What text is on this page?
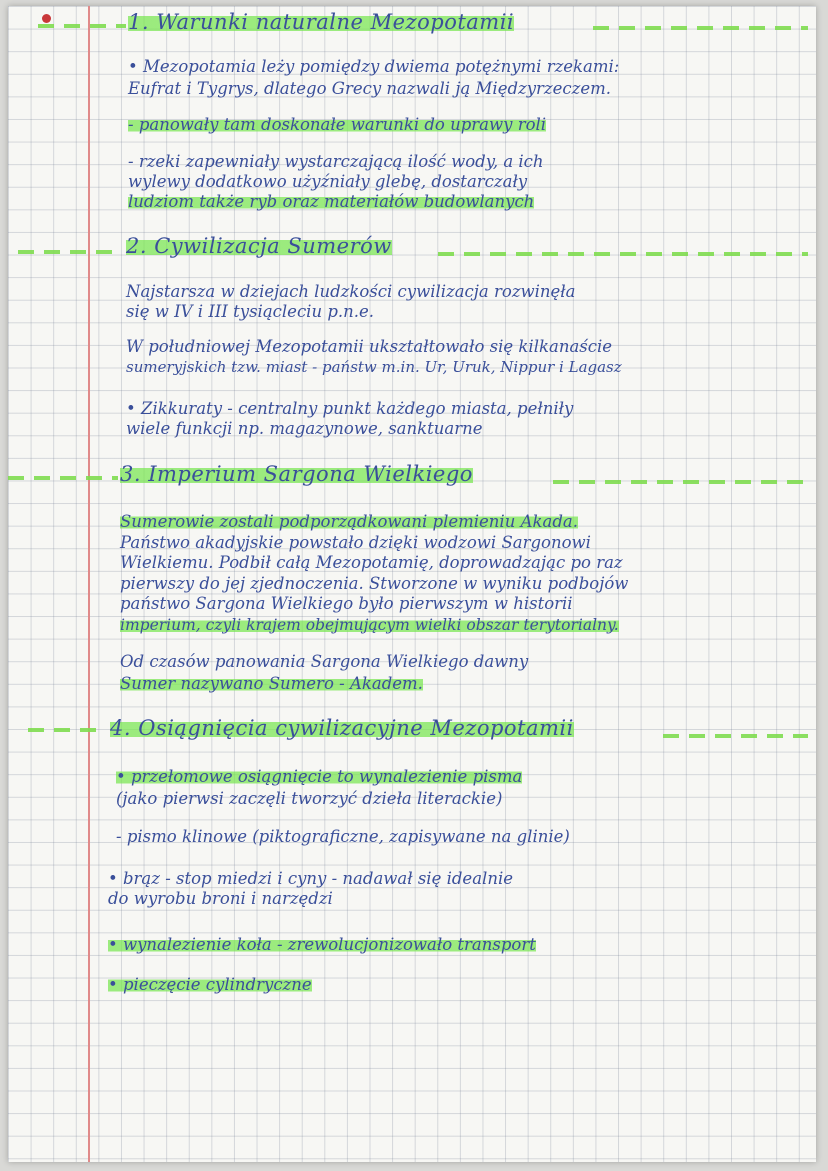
1. Warunki naturalne Mezopotamii
• Mezopotamia leży pomiędzy dwiema potężnymi rzekami:
Eufrat i Tygrys, dlatego Grecy nazwali ją Międzyrzeczem.
- panowały tam doskonałe warunki do uprawy roli
- rzeki zapewniały wystarczającą ilość wody, a ich
wylewy dodatkowo użyźniały glebę, dostarczały
ludziom także ryb oraz materiałów budowlanych
2. Cywilizacja Sumerów
Najstarsza w dziejach ludzkości cywilizacja rozwinęła
się w IV i III tysiącleciu p.n.e.
W południowej Mezopotamii ukształtowało się kilkanaście
sumeryjskich tzw. miast - państw m.in. Ur, Uruk, Nippur i Lagasz
• Zikkuraty - centralny punkt każdego miasta, pełniły
wiele funkcji np. magazynowe, sanktuarne
3. Imperium Sargona Wielkiego
Sumerowie zostali podporządkowani plemieniu Akada.
Państwo akadyjskie powstało dzięki wodzowi Sargonowi
Wielkiemu. Podbił całą Mezopotamię, doprowadzając po raz
pierwszy do jej zjednoczenia. Stworzone w wyniku podbojów
państwo Sargona Wielkiego było pierwszym w historii
imperium, czyli krajem obejmującym wielki obszar terytorialny.
Od czasów panowania Sargona Wielkiego dawny
Sumer nazywano Sumero - Akadem.
4. Osiągnięcia cywilizacyjne Mezopotamii
• przełomowe osiągnięcie to wynalezienie pisma
(jako pierwsi zaczęli tworzyć dzieła literackie)
- pismo klinowe (piktograficzne, zapisywane na glinie)
• brąz - stop miedzi i cyny - nadawał się idealnie
do wyrobu broni i narzędzi
• wynalezienie koła - zrewolucjonizowało transport
• pieczęcie cylindryczne
